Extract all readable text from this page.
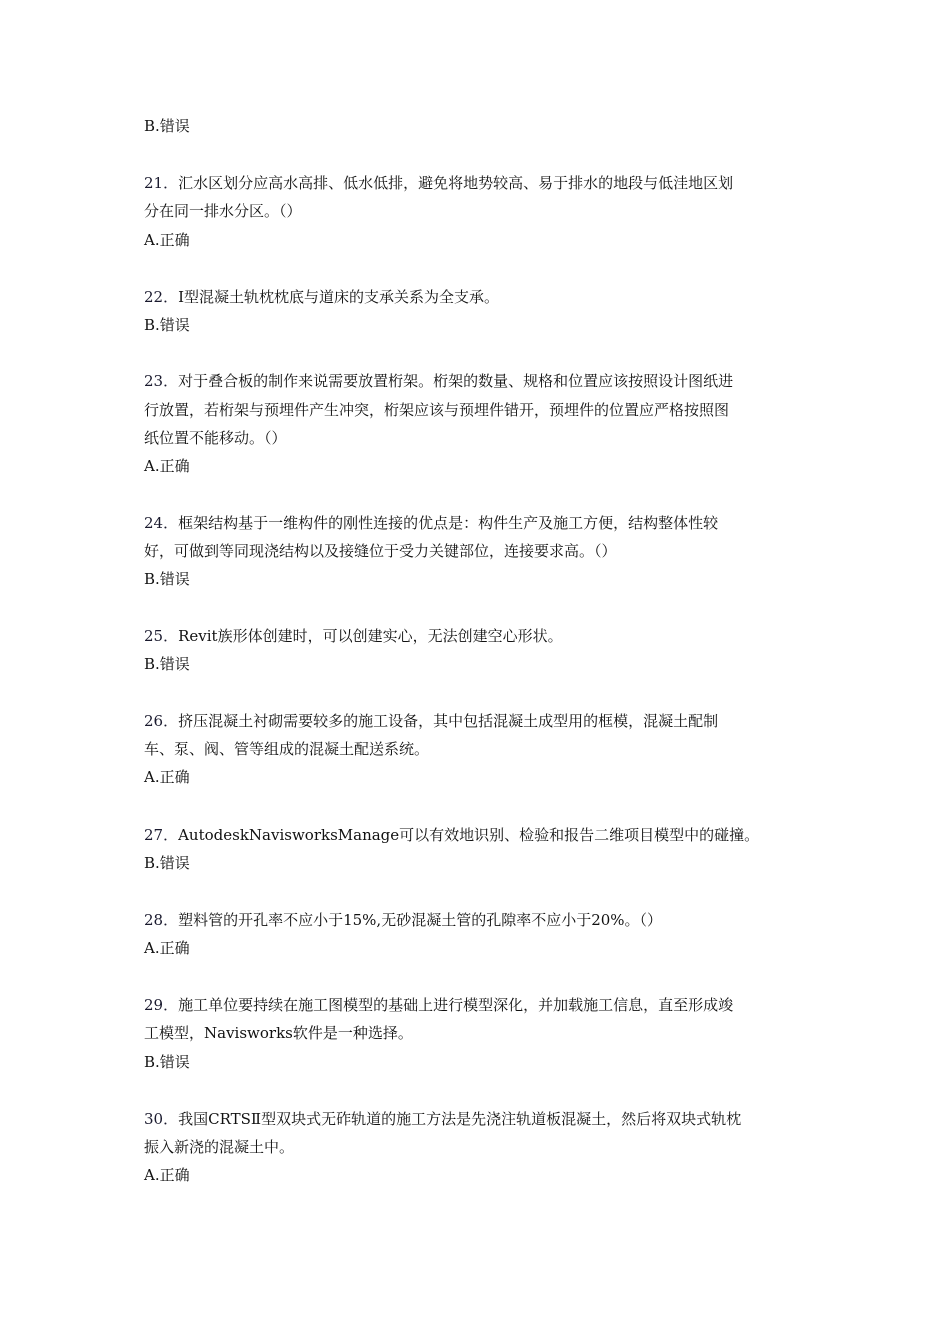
B.错误
21．汇水区划分应高水高排、低水低排，避免将地势较高、易于排水的地段与低洼地区划
分在同一排水分区。（）
A.正确
22．Ⅰ型混凝土轨枕枕底与道床的支承关系为全支承。
B.错误
23．对于叠合板的制作来说需要放置桁架。桁架的数量、规格和位置应该按照设计图纸进
行放置，若桁架与预埋件产生冲突，桁架应该与预埋件错开，预埋件的位置应严格按照图
纸位置不能移动。（）
A.正确
24．框架结构基于一维构件的刚性连接的优点是：构件生产及施工方便，结构整体性较
好，可做到等同现浇结构以及接缝位于受力关键部位，连接要求高。（）
B.错误
25．Revit族形体创建时，可以创建实心，无法创建空心形状。
B.错误
26．挤压混凝土衬砌需要较多的施工设备，其中包括混凝土成型用的框模，混凝土配制
车、泵、阀、管等组成的混凝土配送系统。
A.正确
27．AutodeskNavisworksManage可以有效地识别、检验和报告二维项目模型中的碰撞。
B.错误
28．塑料管的开孔率不应小于15%,无砂混凝土管的孔隙率不应小于20%。（）
A.正确
29．施工单位要持续在施工图模型的基础上进行模型深化，并加载施工信息，直至形成竣
工模型，Navisworks软件是一种选择。
B.错误
30．我国CRTSⅡ型双块式无砟轨道的施工方法是先浇注轨道板混凝土，然后将双块式轨枕
振入新浇的混凝土中。
A.正确
